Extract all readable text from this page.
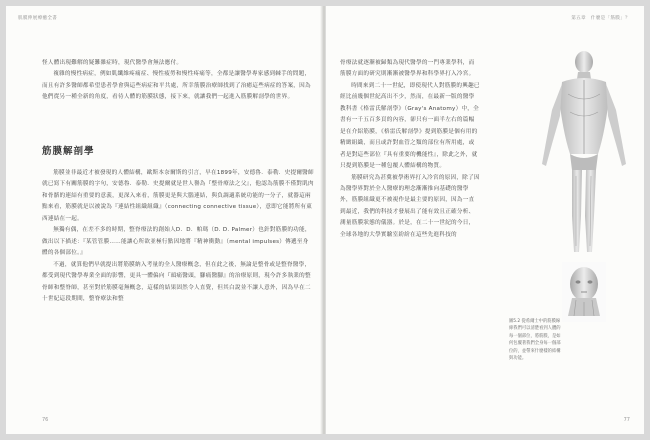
肌膜伸展療癒全書

怪人體出現難解的疑難雜症時，現代醫學會無法應付。

複雜的慢性病症，例如肌纖維疼痛症、慢性疲勞和慢性疼痛等，全都是讓醫學專家感到棘手的問題，而且有許多醫師都希望患者學會與這些病症和平共處，所幸筋膜治療師找到了治癒這些病症的答案，因為他們從另一種全新的角度，看待人體的筋膜狀態，接下來，就讓我們一起進入筋膜解剖學的世界。

筋膜解剖學

筋膜並非最近才被發現的人體結構，歐斯本奈爾斯的引言，早在1899年，安德魯．泰勒．史提爾醫師就已寫下有關筋膜的字句，安德魯．泰勒．史提爾就是世人譽為『整骨療法之父』，他認為筋膜不僅對肌肉和骨骼的連結有重要的意義，更深入來看，筋膜更是與大腦連結，與負調適系統功能的一分子，就器這兩點來看，筋膜就是以被說為『連結性組織組織』（connecting connective tissue），意即它能將所有東西連結在一起。

無獨有偶，在差不多的時期，整脊療法的創始人D．D．帕瑪（D. D. Palmer）也針對筋膜的功能，做出以下描述：『某管管膜……能讓心所欲並極行點因地將『精神衝動』（mental impulses）傳遞至身體的各個部位。』

不過，就算他們早就提出將筋膜納入考量的全人醫療概念，但在此之後，無論是整骨或是整脊醫學，都受到現代醫學專業全面的影響，更具一體偏向『頭痛醫頭，腳痛醫腳』的治療原則，現今許多執業的整骨師和整脊師，甚至對於筋膜毫無概念，這樣的結果固然令人直覺，但其白說並不讓人意外，因為早在二十世紀這段期間，整脊療法和整

76
第五章　什麼是「筋膜」？

骨療法就逐漸被歸類為現代醫學的一門專業學科，而筋膜方面的研究則漸漸被醫學界和科學界打入冷宮。

時間來到二十一世紀，即使現代人對筋膜的興趣已經比前幾個世紀高出不少，然而，在最新一版的醫學教科書《格雷氏解剖學》（Gray's Anatomy）中，全書有一千五百多頁的內容，卻只有一面半左右的篇幅是在介紹筋膜，《格雷氏解剖學》提到筋膜是個有用的精緻組織，而且或許對血管之類的部位有所用處，或者是對這些部位『具有重要的機能性』，除此之外，就只提到筋膜是一種包覆人體結構的物質。

筋膜研究為甚冀被學術界打入冷宮的原因，除了因為醫學界對於全人醫療的理念漸漸推向基礎的醫學外，筋膜組織更不被視作是最主要的原因，因為一直到最近，我們的科技才發展出了能有效且正確分析、測量筋膜狀態的儀器。於是，在二十一世紀的今日，全球各地的大學實驗室紛紛在這些先進科技的

圖5.2 從希爾士中的筋膜線條我們可以清楚看到人體的每一個部位，將筋膜，是如何包覆著我們全身每一個部位的，並帶來什麼樣的結構與功能。
77
